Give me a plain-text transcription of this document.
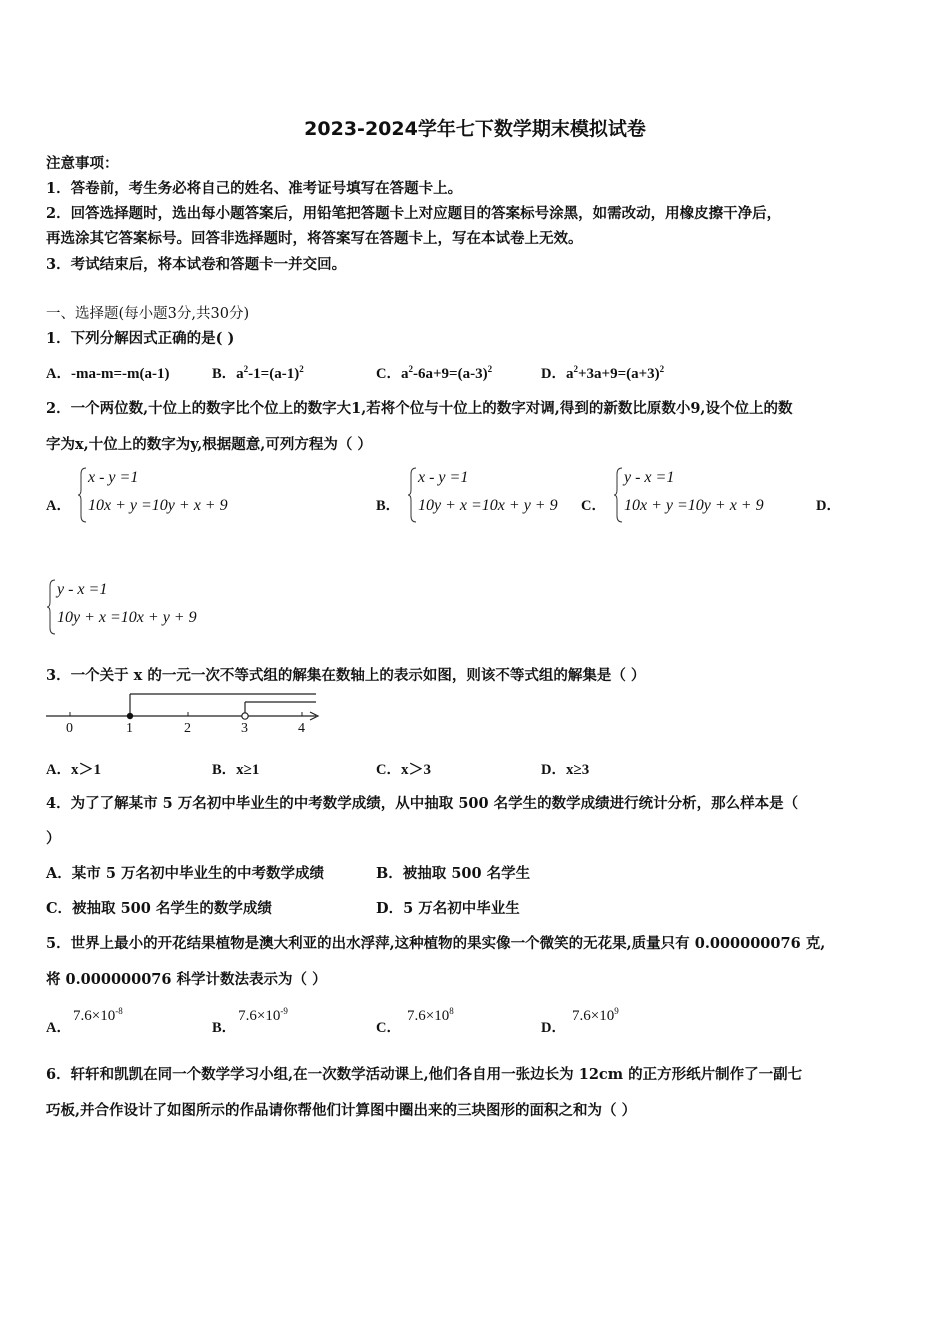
2023-2024学年七下数学期末模拟试卷
注意事项：
1．答卷前，考生务必将自己的姓名、准考证号填写在答题卡上。
2．回答选择题时，选出每小题答案后，用铅笔把答题卡上对应题目的答案标号涂黑，如需改动，用橡皮擦干净后，
再选涂其它答案标号。回答非选择题时，将答案写在答题卡上，写在本试卷上无效。
3．考试结束后，将本试卷和答题卡一并交回。
一、选择题(每小题3分,共30分)
1．下列分解因式正确的是( )
A．-ma-m=-m(a-1)	B．$a^2-1=(a-1)^2$	C．$a^2-6a+9=(a-3)^2$	D．$a^2+3a+9=(a+3)^2$
2．一个两位数,十位上的数字比个位上的数字大1,若将个位与十位上的数字对调,得到的新数比原数小9,设个位上的数
字为x,十位上的数字为y,根据题意,可列方程为（ ）
A．
x - y =1
10x + y =10y + x + 9	B．
x - y =1
10y + x =10x + y + 9 C．
y - x =1
10x + y =10y + x + 9	D．
y - x =1
10y + x =10x + y + 9
3．一个关于 x 的一元一次不等式组的解集在数轴上的表示如图，则该不等式组的解集是（ ）
0	1	2	3	4
A．x＞1	B．x≥1	C．x＞3	D．x≥3
4．为了了解某市 5 万名初中毕业生的中考数学成绩，从中抽取 500 名学生的数学成绩进行统计分析，那么样本是（
）
A．某市 5 万名初中毕业生的中考数学成绩	B．被抽取 500 名学生
C．被抽取 500 名学生的数学成绩	D．5 万名初中毕业生
5．世界上最小的开花结果植物是澳大利亚的出水浮萍,这种植物的果实像一个微笑的无花果,质量只有 0.000000076 克,
将 0.000000076 科学计数法表示为（ ）
A．$7.6\times 10^{-8}$
B．$7.6\times 10^{-9}$
C．$7.6\times 10^8$
D．$7.6\times 10^9$
6．轩轩和凯凯在同一个数学学习小组,在一次数学活动课上,他们各自用一张边长为 12cm 的正方形纸片制作了一副七
巧板,并合作设计了如图所示的作品请你帮他们计算图中圈出来的三块图形的面积之和为（ ）
